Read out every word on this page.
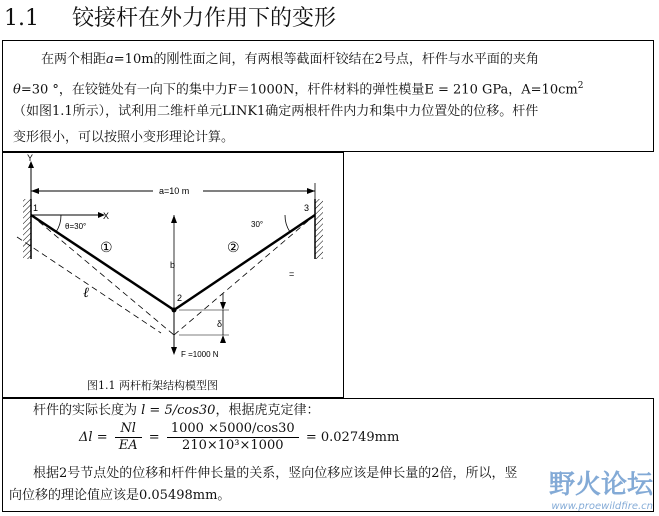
1.1 铰接杆在外力作用下的变形
在两个相距a=10m的刚性面之间，有两根等截面杆铰结在2号点，杆件与水平面的夹角
θ=30 °，在铰链处有一向下的集中力F＝1000N，杆件材料的弹性模量E = 210 GPa，$A=10cm^2$
（如图1.1所示），试利用二维杆单元LINK1确定两根杆件内力和集中力位置处的位移。杆件
变形很小，可以按照小变形理论计算。
Y
X
a=10 m
1	3
2
ℓ
θ=30°	30°
①	②
b
δ
=
F =1000 N
图1.1 两杆桁架结构模型图
杆件的实际长度为 l = 5/cos30，根据虎克定律：
$\Delta l = \frac{Nl}{EA} = \frac{1000 \times 5000/\cos 30}{\text{210×10³×1000}} = 0.02749mm$
根据2号节点处的位移和杆件伸长量的关系，竖向位移应该是伸长量的2倍，所以，竖
向位移的理论值应该是0.05498mm。	野火论坛
www.proewildfire.cn
